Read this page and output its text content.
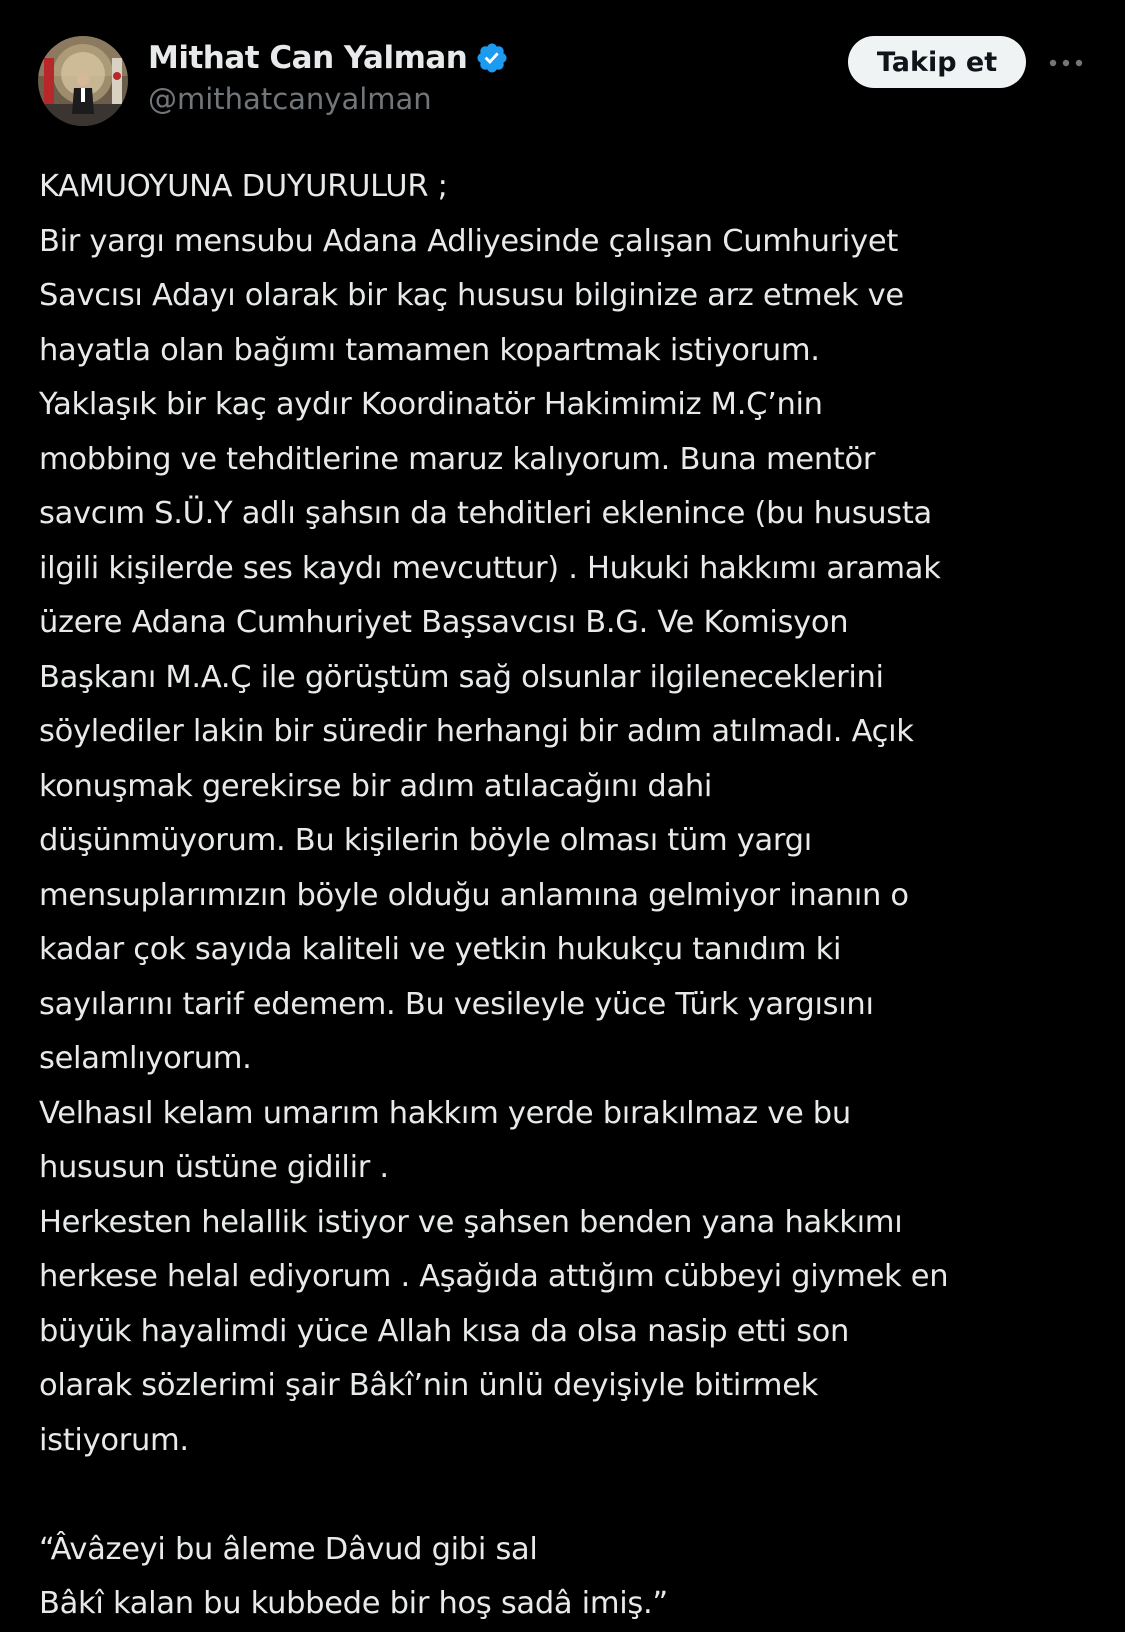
Mithat Can Yalman
@mithatcanyalman
Takip et
KAMUOYUNA DUYURULUR ;
Bir yargı mensubu Adana Adliyesinde çalışan Cumhuriyet
Savcısı Adayı olarak bir kaç hususu bilginize arz etmek ve
hayatla olan bağımı tamamen kopartmak istiyorum.
Yaklaşık bir kaç aydır Koordinatör Hakimimiz M.Ç’nin
mobbing ve tehditlerine maruz kalıyorum. Buna mentör
savcım S.Ü.Y adlı şahsın da tehditleri eklenince (bu hususta
ilgili kişilerde ses kaydı mevcuttur) . Hukuki hakkımı aramak
üzere Adana Cumhuriyet Başsavcısı B.G. Ve Komisyon
Başkanı M.A.Ç ile görüştüm sağ olsunlar ilgileneceklerini
söylediler lakin bir süredir herhangi bir adım atılmadı. Açık
konuşmak gerekirse bir adım atılacağını dahi
düşünmüyorum. Bu kişilerin böyle olması tüm yargı
mensuplarımızın böyle olduğu anlamına gelmiyor inanın o
kadar çok sayıda kaliteli ve yetkin hukukçu tanıdım ki
sayılarını tarif edemem. Bu vesileyle yüce Türk yargısını
selamlıyorum.
Velhasıl kelam umarım hakkım yerde bırakılmaz ve bu
hususun üstüne gidilir .
Herkesten helallik istiyor ve şahsen benden yana hakkımı
herkese helal ediyorum . Aşağıda attığım cübbeyi giymek en
büyük hayalimdi yüce Allah kısa da olsa nasip etti son
olarak sözlerimi şair Bâkî’nin ünlü deyişiyle bitirmek
istiyorum.
“Âvâzeyi bu âleme Dâvud gibi sal
Bâkî kalan bu kubbede bir hoş sadâ imiş.”
